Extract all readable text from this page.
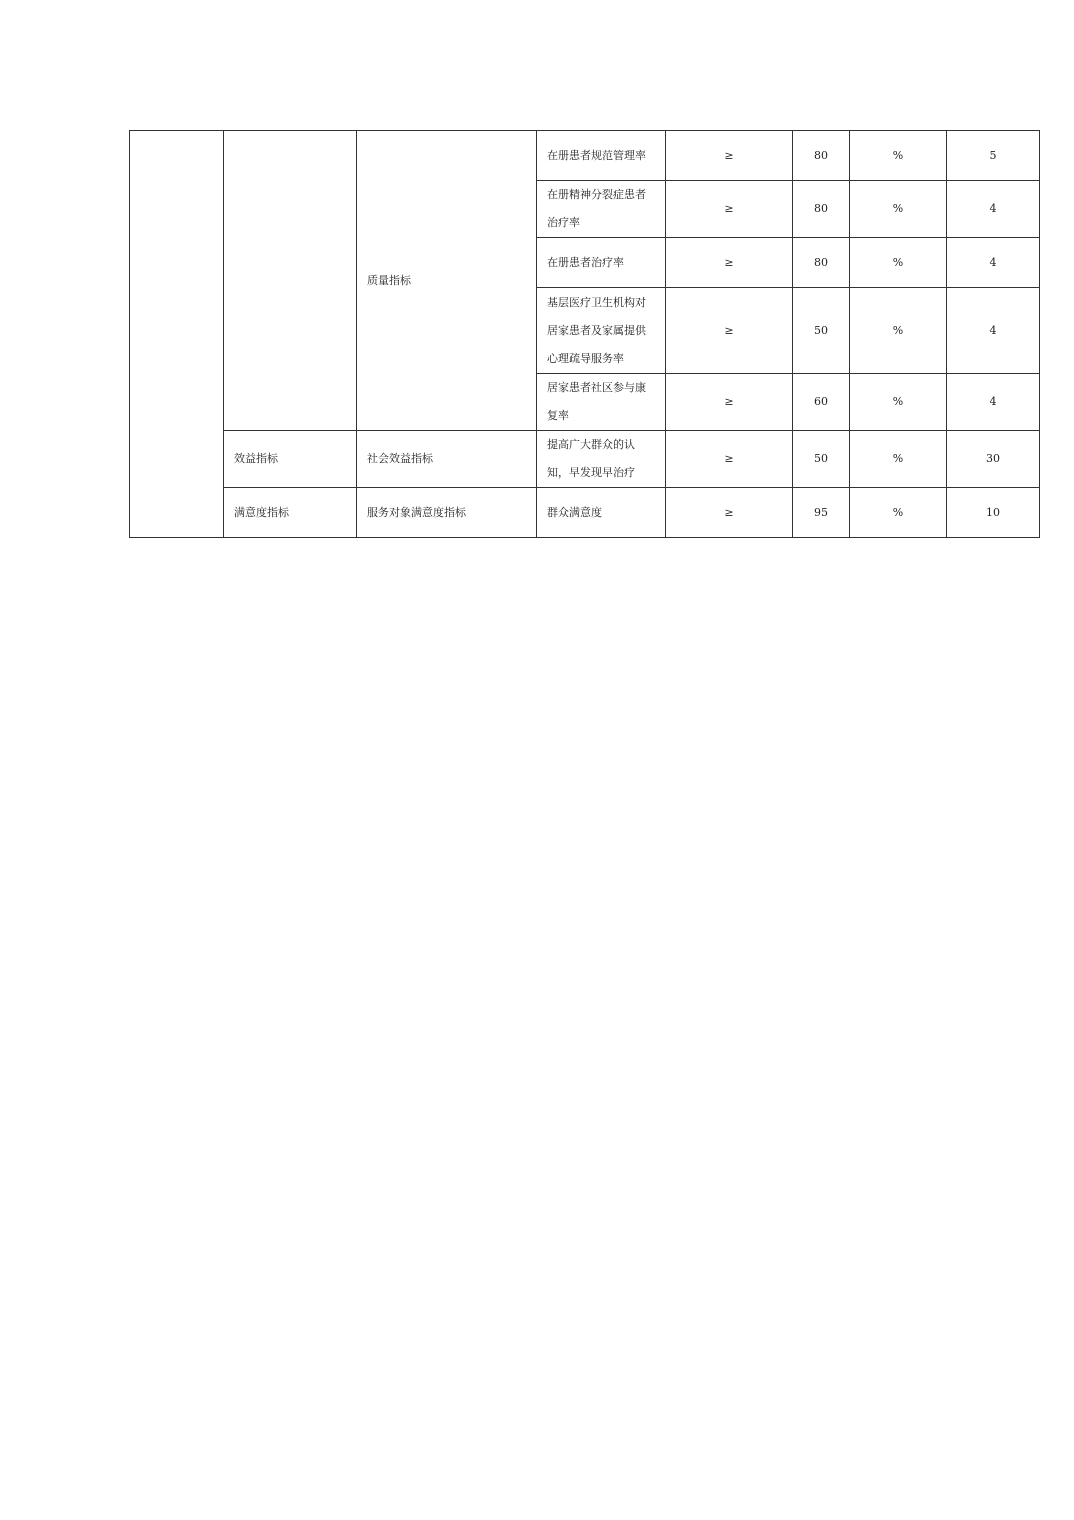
		质量指标	在册患者规范管理率	≥	80	%	5
			在册精神分裂症患者治疗率	≥	80	%	4
			在册患者治疗率	≥	80	%	4
			基层医疗卫生机构对居家患者及家属提供心理疏导服务率	≥	50	%	4
			居家患者社区参与康复率	≥	60	%	4
	效益指标	社会效益指标	提高广大群众的认知，早发现早治疗	≥	50	%	30
	满意度指标	服务对象满意度指标	群众满意度	≥	95	%	10
